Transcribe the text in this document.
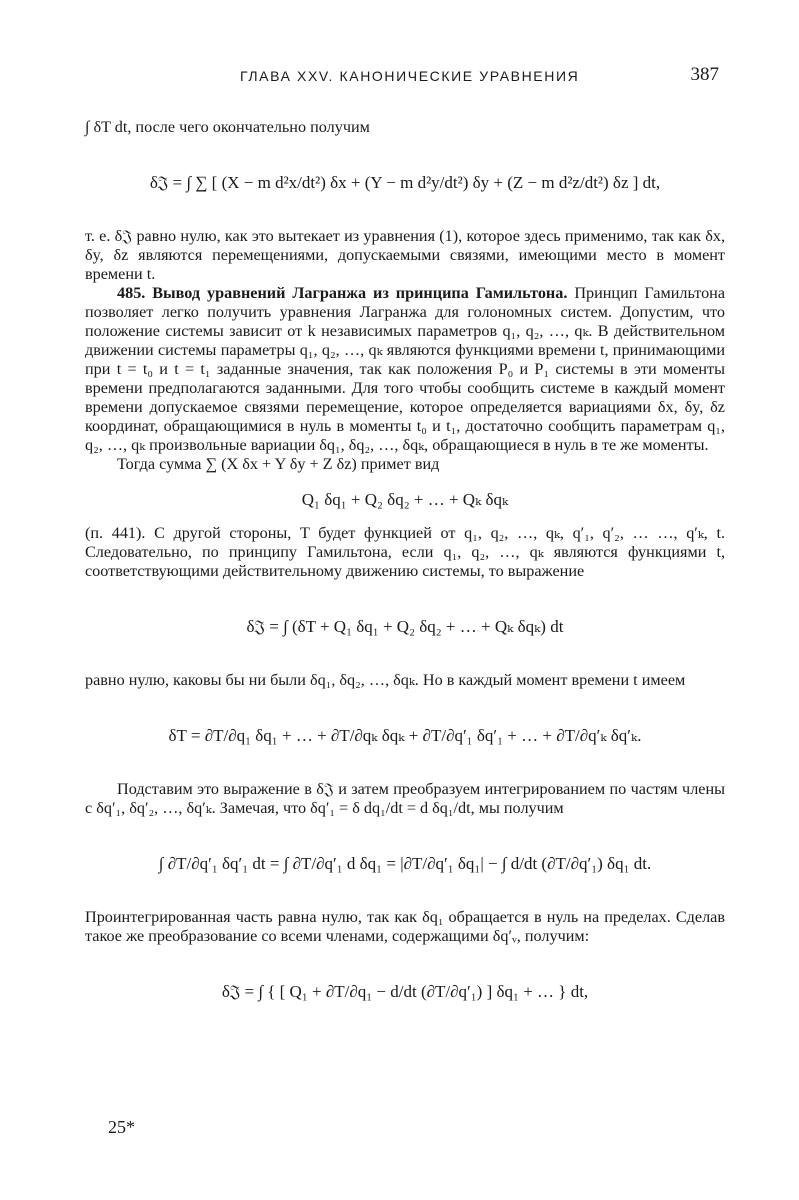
ГЛАВА XXV. КАНОНИЧЕСКИЕ УРАВНЕНИЯ	387

∫ δT dt, после чего окончательно получим

δ𝔍 = ∫ ∑ [ (X − m d²x/dt²) δx + (Y − m d²y/dt²) δy + (Z − m d²z/dt²) δz ] dt,

т. е. δ𝔍 равно нулю, как это вытекает из уравнения (1), которое здесь применимо, так как δx, δy, δz являются перемещениями, допускаемыми связями, имеющими место в момент времени t.

485. Вывод уравнений Лагранжа из принципа Гамильтона. Принцип Гамильтона позволяет легко получить уравнения Лагранжа для голономных систем. Допустим, что положение системы зависит от k независимых параметров q₁, q₂, …, qₖ. В действительном движении системы параметры q₁, q₂, …, qₖ являются функциями времени t, принимающими при t = t₀ и t = t₁ заданные значения, так как положения P₀ и P₁ системы в эти моменты времени предполагаются заданными. Для того чтобы сообщить системе в каждый момент времени допускаемое связями перемещение, которое определяется вариациями δx, δy, δz координат, обращающимися в нуль в моменты t₀ и t₁, достаточно сообщить параметрам q₁, q₂, …, qₖ произвольные вариации δq₁, δq₂, …, δqₖ, обращающиеся в нуль в те же моменты.

Тогда сумма ∑ (X δx + Y δy + Z δz) примет вид

Q₁ δq₁ + Q₂ δq₂ + … + Qₖ δqₖ

(п. 441). С другой стороны, T будет функцией от q₁, q₂, …, qₖ, q′₁, q′₂, … …, q′ₖ, t. Следовательно, по принципу Гамильтона, если q₁, q₂, …, qₖ являются функциями t, соответствующими действительному движению системы, то выражение

δ𝔍 = ∫ (δT + Q₁ δq₁ + Q₂ δq₂ + … + Qₖ δqₖ) dt

равно нулю, каковы бы ни были δq₁, δq₂, …, δqₖ. Но в каждый момент времени t имеем

δT = ∂T/∂q₁ δq₁ + … + ∂T/∂qₖ δqₖ + ∂T/∂q′₁ δq′₁ + … + ∂T/∂q′ₖ δq′ₖ.

Подставим это выражение в δ𝔍 и затем преобразуем интегрированием по частям члены с δq′₁, δq′₂, …, δq′ₖ. Замечая, что δq′₁ = δ dq₁/dt = d δq₁/dt, мы получим

∫ ∂T/∂q′₁ δq′₁ dt = ∫ ∂T/∂q′₁ d δq₁ = |∂T/∂q′₁ δq₁| − ∫ d/dt (∂T/∂q′₁) δq₁ dt.

Проинтегрированная часть равна нулю, так как δq₁ обращается в нуль на пределах. Сделав такое же преобразование со всеми членами, содержащими δq′ᵥ, получим:

δ𝔍 = ∫ { [ Q₁ + ∂T/∂q₁ − d/dt (∂T/∂q′₁) ] δq₁ + … } dt,
25*
